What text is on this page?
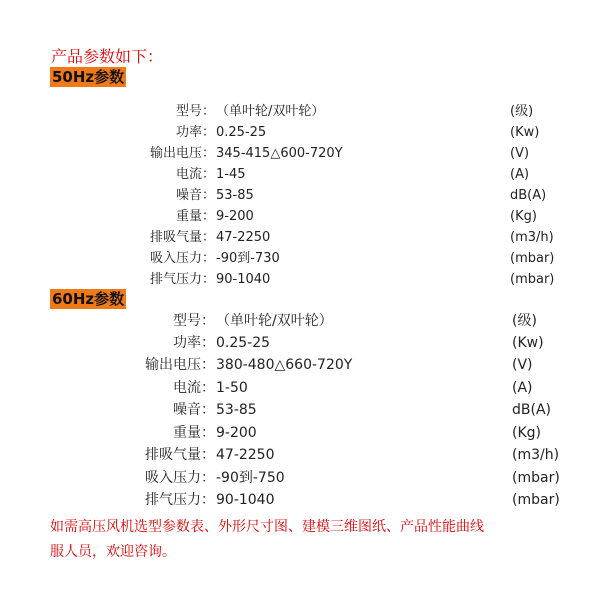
产品参数如下：
50Hz参数
型号： （单叶轮/双叶轮）	(级)
功率： 0.25-25	(Kw)
输出电压： 345-415△600-720Y	(V)
电流： 1-45	(A)
噪音： 53-85	dB(A)
重量： 9-200	(Kg)
排吸气量： 47-2250	(m3/h)
吸入压力： -90到-730	(mbar)
排气压力： 90-1040	(mbar)
60Hz参数
型号： （单叶轮/双叶轮）	(级)
功率： 0.25-25	(Kw)
输出电压： 380-480△660-720Y	(V)
电流： 1-50	(A)
噪音： 53-85	dB(A)
重量： 9-200	(Kg)
排吸气量： 47-2250	(m3/h)
吸入压力： -90到-750	(mbar)
排气压力： 90-1040	(mbar)
如需高压风机选型参数表、外形尺寸图、建模三维图纸、产品性能曲线
服人员，欢迎咨询。
